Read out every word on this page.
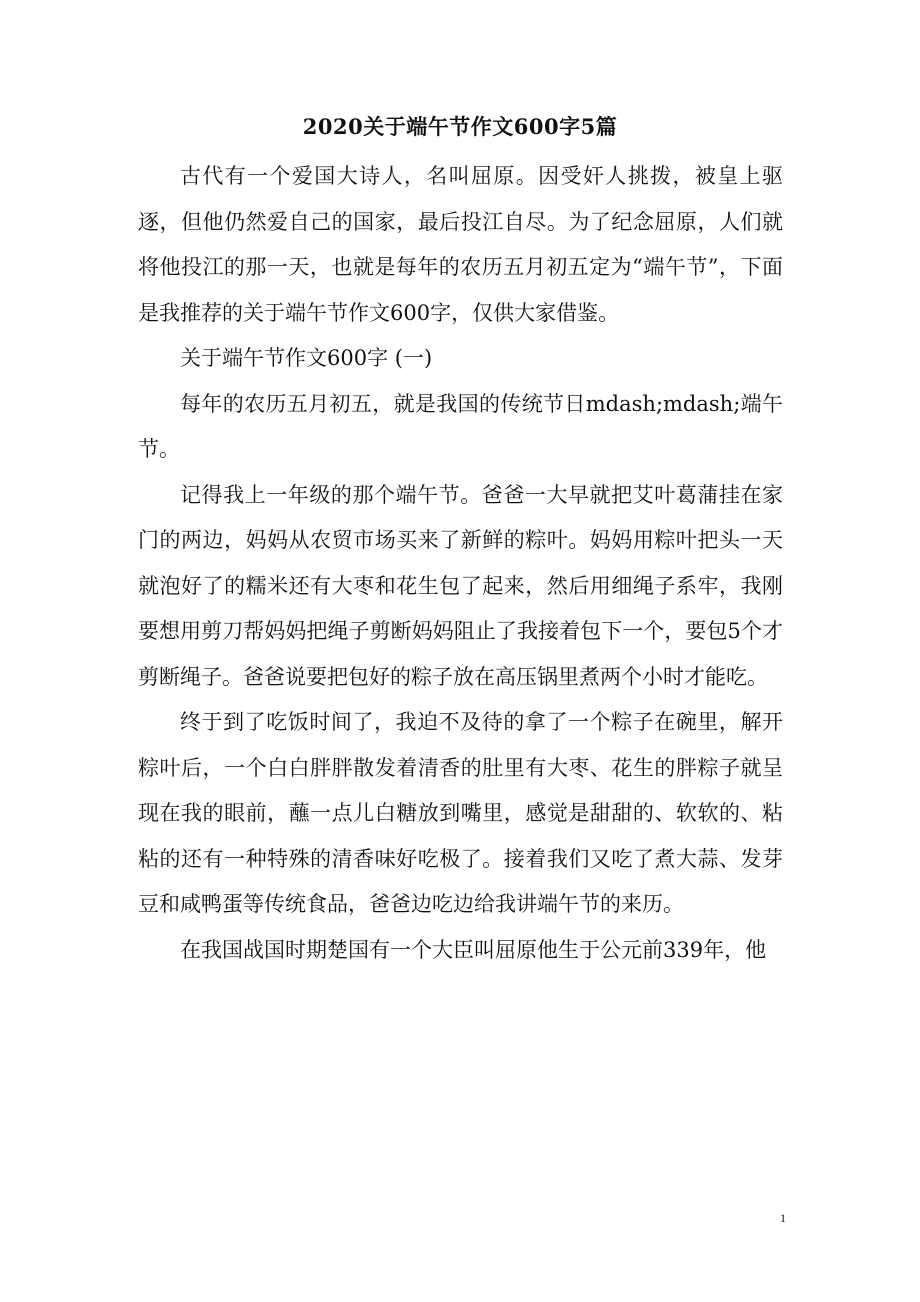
2020关于端午节作文600字5篇

古代有一个爱国大诗人，名叫屈原。因受奸人挑拨，被皇上驱逐，但他仍然爱自己的国家，最后投江自尽。为了纪念屈原，人们就将他投江的那一天，也就是每年的农历五月初五定为“端午节”，下面是我推荐的关于端午节作文600字，仅供大家借鉴。

关于端午节作文600字 (一)

每年的农历五月初五，就是我国的传统节日mdash;mdash;端午节。

记得我上一年级的那个端午节。爸爸一大早就把艾叶葛蒲挂在家门的两边，妈妈从农贸市场买来了新鲜的粽叶。妈妈用粽叶把头一天就泡好了的糯米还有大枣和花生包了起来，然后用细绳子系牢，我刚要想用剪刀帮妈妈把绳子剪断妈妈阻止了我接着包下一个，要包5个才剪断绳子。爸爸说要把包好的粽子放在高压锅里煮两个小时才能吃。

终于到了吃饭时间了，我迫不及待的拿了一个粽子在碗里，解开粽叶后，一个白白胖胖散发着清香的肚里有大枣、花生的胖粽子就呈现在我的眼前，蘸一点儿白糖放到嘴里，感觉是甜甜的、软软的、粘粘的还有一种特殊的清香味好吃极了。接着我们又吃了煮大蒜、发芽豆和咸鸭蛋等传统食品，爸爸边吃边给我讲端午节的来历。

在我国战国时期楚国有一个大臣叫屈原他生于公元前339年，他

1
